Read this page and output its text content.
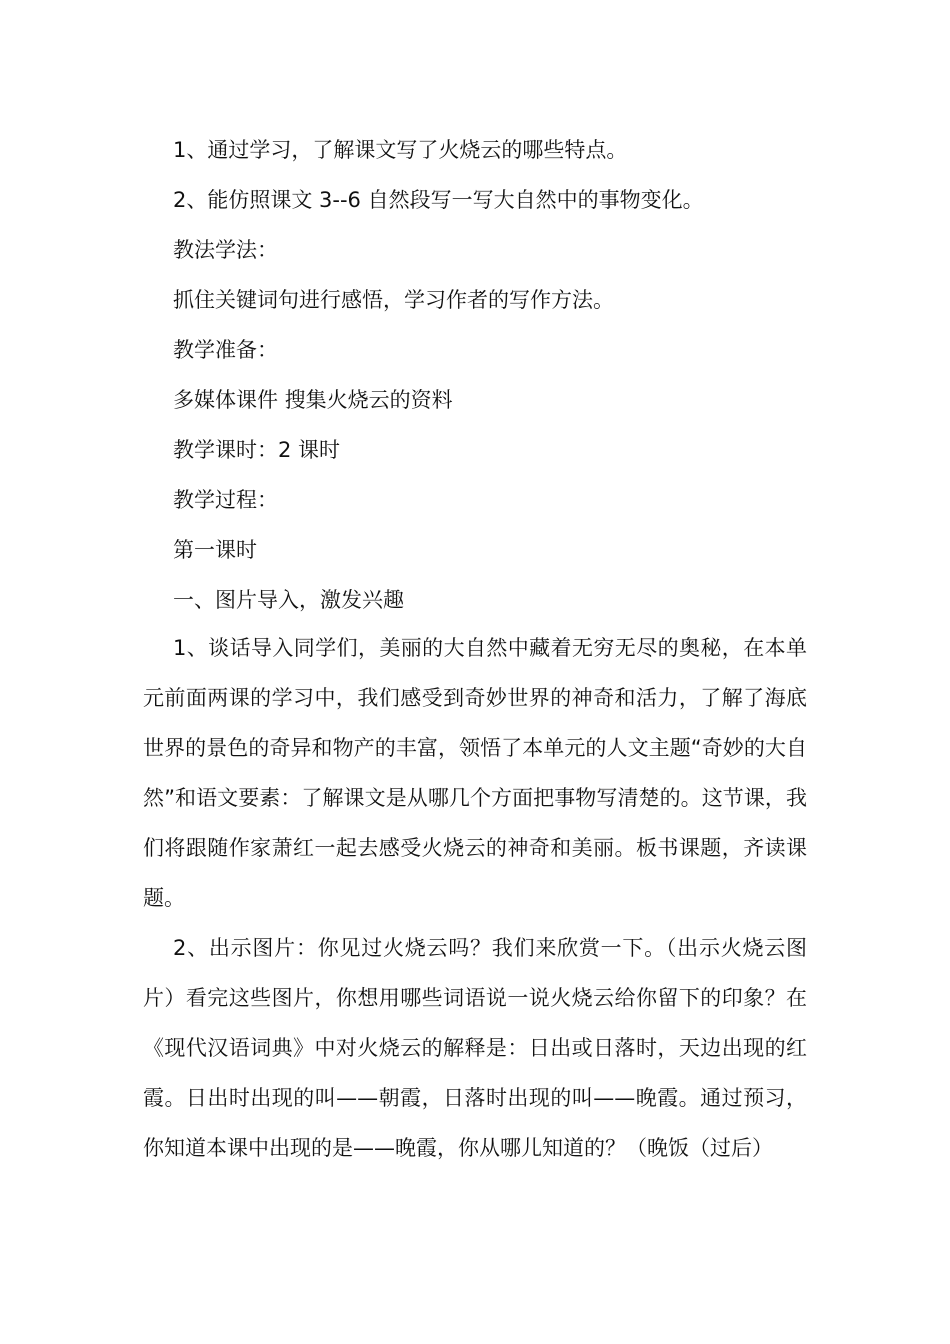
1、通过学习，了解课文写了火烧云的哪些特点。
2、能仿照课文 3--6 自然段写一写大自然中的事物变化。
教法学法：
抓住关键词句进行感悟，学习作者的写作方法。
教学准备：
多媒体课件 搜集火烧云的资料
教学课时：2 课时
教学过程：
第一课时
一、图片导入，激发兴趣

1、谈话导入同学们，美丽的大自然中藏着无穷无尽的奥秘，在本单元前面两课的学习中，我们感受到奇妙世界的神奇和活力，了解了海底世界的景色的奇异和物产的丰富，领悟了本单元的人文主题“奇妙的大自然”和语文要素：了解课文是从哪几个方面把事物写清楚的。这节课，我们将跟随作家萧红一起去感受火烧云的神奇和美丽。板书课题，齐读课题。

2、出示图片：你见过火烧云吗？我们来欣赏一下。（出示火烧云图片）看完这些图片，你想用哪些词语说一说火烧云给你留下的印象？在《现代汉语词典》中对火烧云的解释是：日出或日落时，天边出现的红霞。日出时出现的叫——朝霞，日落时出现的叫——晚霞。通过预习，你知道本课中出现的是——晚霞，你从哪儿知道的？（晚饭（过后）
